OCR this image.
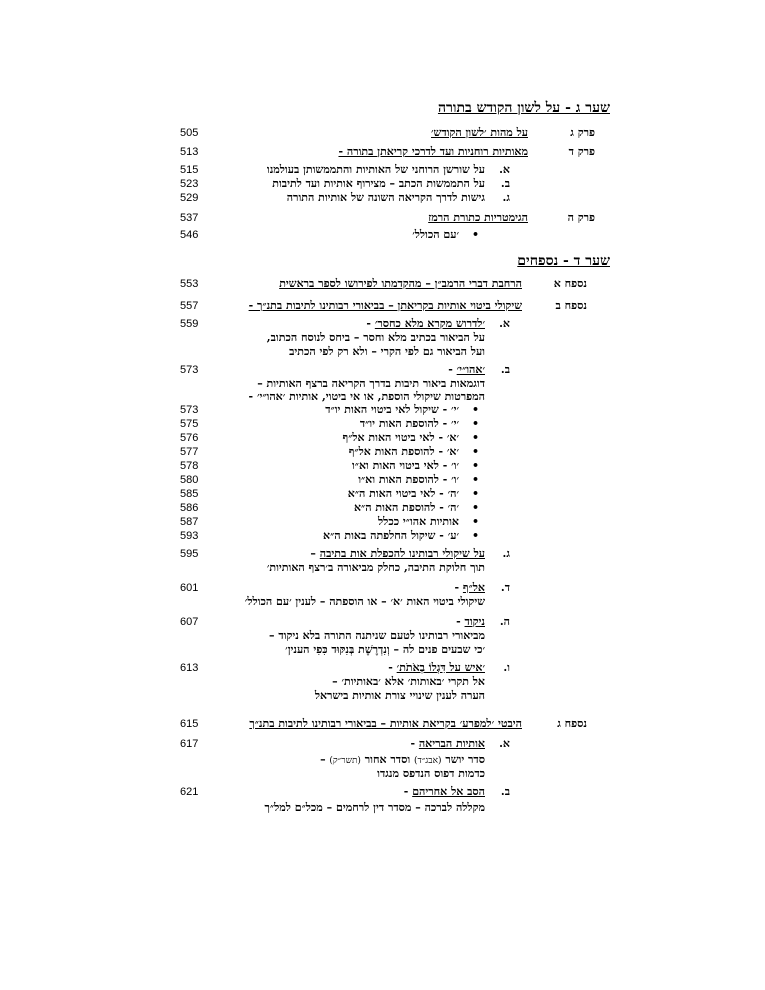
שער ג - על לשון הקודש בתורה
פרק ג
על מהות ׳לשון הקודש׳
505
פרק ד
מאותיות רוחניות ועד לדרכי קריאתן בתורה -
513
א.
על שורשן הרוחני של האותיות והתממשותן בעולמנו
515
ב.
על התממשות הכתב – מצירוף אותיות ועד לתיבות
523
ג.
גישות לדרך הקריאה השונה של אותיות התורה
529
פרק ה
הגימטריות כתורת הרמז
537
• ׳עם הכולל׳
546
שער ד - נספחים
נספח א
הרחבת דברי הרמב״ן – מהקדמתו לפירושו לספר בראשית
553
נספח ב
שיקולי ביטוי אותיות בקריאתן – בביאורי רבותינו לתיבות בתנ״ך -
557
א.
׳לדרוש מקרא מלא כחסר׳ -
559
על הביאור בכתיב מלא וחסר – ביחס לנוסח הכתוב,
ועל הביאור גם לפי הקרי – ולא רק לפי הכתיב
ב.
׳אהו״י׳ -
573
דוגמאות ביאור תיבות בדרך הקריאה ברצף האותיות –
המפרטות שיקולי הוספת, או אי ביטוי, אותיות ׳אהו״י׳ -
• ׳י׳ - שיקול לאי ביטוי האות יו״ד
573
• ׳י׳ - להוספת האות יו״ד
575
• ׳א׳ - לאי ביטוי האות אל״ף
576
• ׳א׳ - להוספת האות אל״ף
577
• ׳ו׳ - לאי ביטוי האות וא״ו
578
• ׳ו׳ - להוספת האות וא״ו
580
• ׳ה׳ - לאי ביטוי האות ה״א
585
• ׳ה׳ - להוספת האות ה״א
586
• אותיות אהו״י ככלל
587
• ׳ע׳ - שיקול החלפתה באות ה״א
593
ג.
על שיקולי רבותינו להכפלת אות בתיבה –
595
תוך חלוקת התיבה, כחלק מביאורה ב׳רצף האותיות׳
ד.
אל״ף -
601
שיקולי ביטוי האות ׳א׳ – או הוספתה – לענין ׳עם הכולל׳
ה.
ניקוד -
607
מביאורי רבותינו לטעם שניתנה התורה בלא ניקוד –
׳כי שבעים פנים לה – וְנִדְרֶשֶׁת בְּנִקּוּד כִּפִי הענין׳
ו.
׳איש על דִּגְלוֹ בְאֹתֹת׳ -
613
אל תקרי ׳באותות׳ אלא ׳באותיות׳ –
הערה לענין שינויי צורת אותיות בישראל
נספח ג
היבטי ׳למפרע׳ בקריאת אותיות – בביאורי רבותינו לתיבות בתנ״ך
615
א.
אותיות הבריאה -
617
סדר יושר (אבג״ד) וסדר אחור (תשר״ק) –
כדמות דפוס הנדפס מנגדו
ב.
הסב אל אחריהם -
621
מקללה לברכה – מסדר דין לרחמים – מכל״ם למל״ך
